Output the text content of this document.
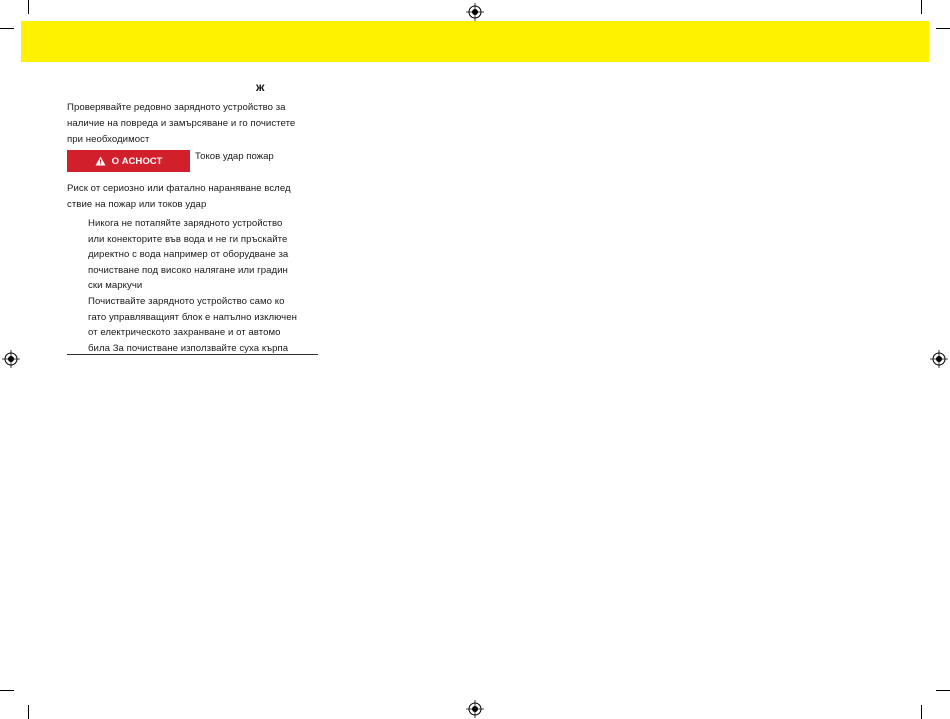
ж
Проверявайте редовно зарядното устройство за
наличие на повреда и замърсяване и го почистете
при необходимост
О АСНОСТ	Токов удар пожар
Риск от сериозно или фатално нараняване вслед
ствие на пожар или токов удар
Никога не потапяйте зарядното устройство
или конекторите във вода и не ги пръскайте
директно с вода например от оборудване за
почистване под високо налягане или градин
ски маркучи
Почиствайте зарядното устройство само ко
гато управляващият блок е напълно изключен
от електрическото захранване и от автомо
била За почистване използвайте суха кърпа
